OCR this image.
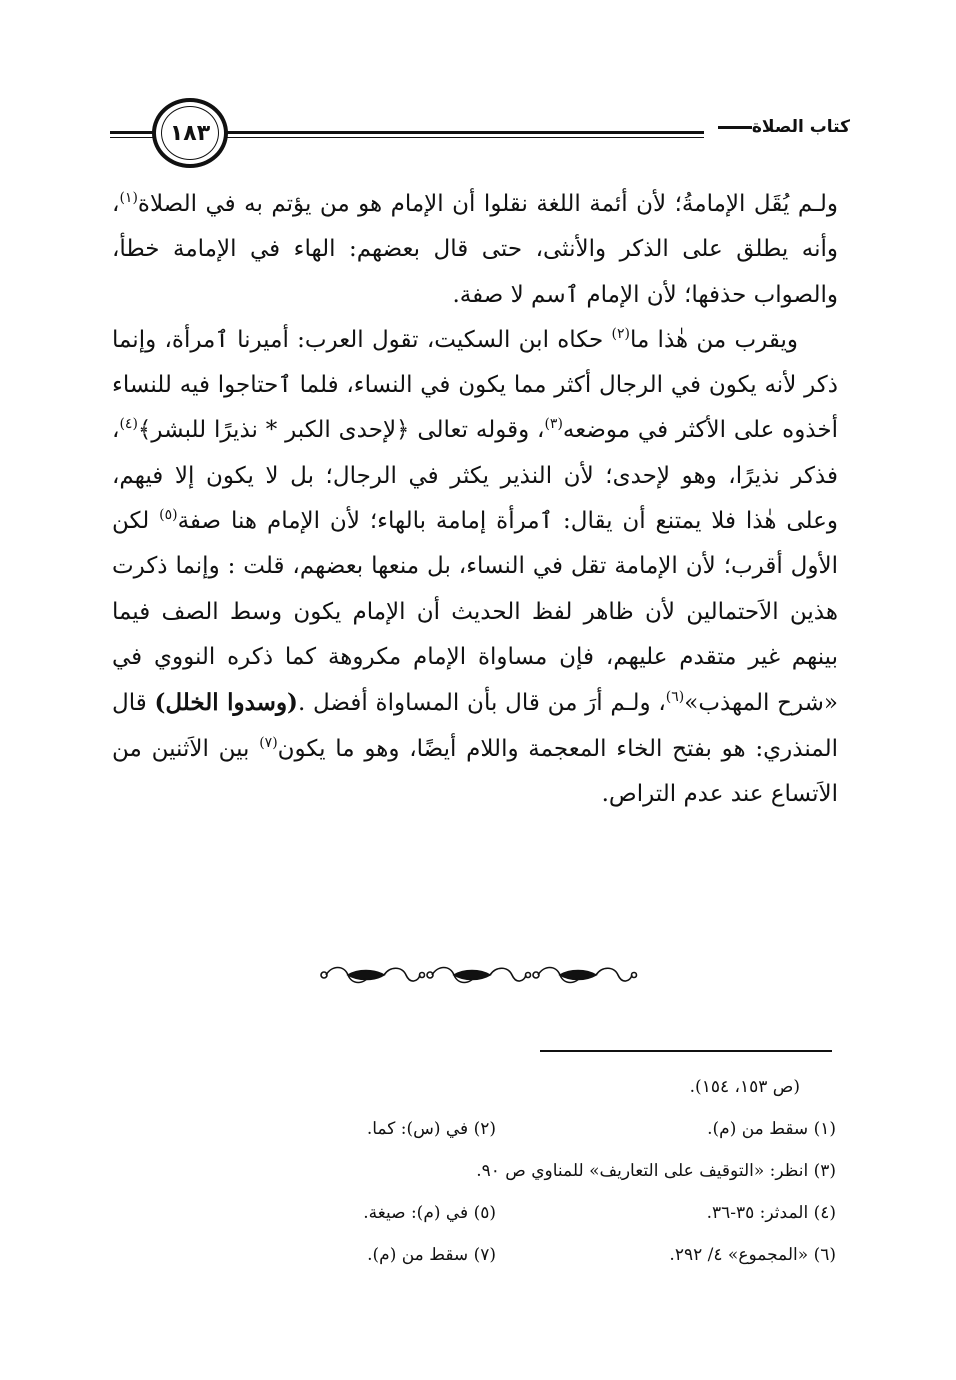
كتاب الصلاة
١٨٣

ولـم يُقَل الإمامةُ؛ لأن أئمة اللغة نقلوا أن الإمام هو من يؤتم به في الصلاة$^{(١)}$، وأنه يطلق على الذكر والأنثى، حتى قال بعضهم: الهاء في الإمامة خطأ، والصواب حذفها؛ لأن الإمام ٱسم لا صفة.

ويقرب من هٰذا ما$^{(٢)}$ حكاه ابن السكيت، تقول العرب: أميرنا ٱمرأة، وإنما ذكر لأنه يكون في الرجال أكثر مما يكون في النساء، فلما ٱحتاجوا فيه للنساء أخذوه على الأكثر في موضعه$^{(٣)}$، وقوله تعالى ﴿لإحدى الكبر * نذيرًا للبشر﴾$^{(٤)}$، فذكر نذيرًا، وهو لإحدى؛ لأن النذير يكثر في الرجال؛ بل لا يكون إلا فيهم، وعلى هٰذا فلا يمتنع أن يقال: ٱمرأة إمامة بالهاء؛ لأن الإمام هنا صفة$^{(٥)}$ لكن الأول أقرب؛ لأن الإمامة تقل في النساء، بل منعها بعضهم، قلت : وإنما ذكرت هذين الاَحتمالين لأن ظاهر لفظ الحديث أن الإمام يكون وسط الصف فيما بينهم غير متقدم عليهم، فإن مساواة الإمام مكروهة كما ذكره النووي في «شرح المهذب»$^{(٦)}$، ولـم أرَ من قال بأن المساواة أفضل .(وسدوا الخلل) قال المنذري: هو بفتح الخاء المعجمة واللام أيضًا، وهو ما يكون$^{(٧)}$ بين الاَثنين من الاَتساع عند عدم التراص.

(ص ١٥٣، ١٥٤).
(١) سقط من (م).
(٢) في (س): كما.
(٣) انظر: «التوقيف على التعاريف» للمناوي ص ٩٠.
(٤) المدثر: ٣٥-٣٦.
(٥) في (م): صيغة.
(٦) «المجموع» ٤/ ٢٩٢.
(٧) سقط من (م).
